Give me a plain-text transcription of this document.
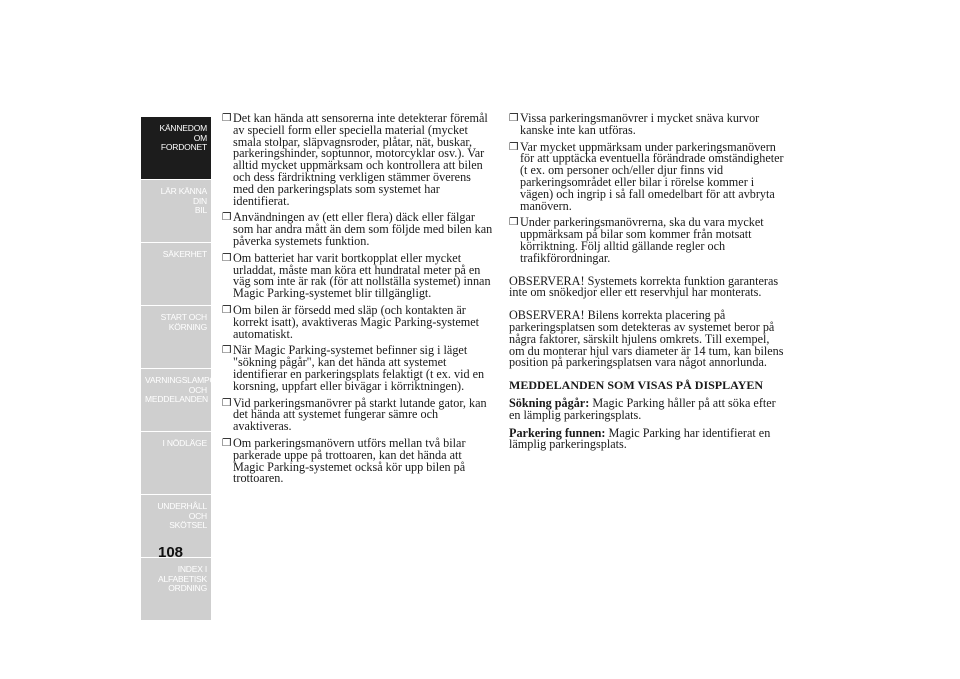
KÄNNEDOM OM
FORDONET
LÄR KÄNNA DIN
BIL
SÄKERHET
START OCH
KÖRNING
VARNINGSLAMPOR
OCH
MEDDELANDEN
I NÖDLÄGE
UNDERHÅLL OCH
SKÖTSEL
INDEX I
ALFABETISK
ORDNING
108
❒ Det kan hända att sensorerna inte detekterar föremål av speciell form eller speciella material (mycket smala stolpar, släpvagnsroder, plåtar, nät, buskar, parkeringshinder, soptunnor, motorcyklar osv.). Var alltid mycket uppmärksam och kontrollera att bilen och dess färdriktning verkligen stämmer överens med den parkeringsplats som systemet har identifierat.
❒ Användningen av (ett eller flera) däck eller fälgar som har andra mått än dem som följde med bilen kan påverka systemets funktion.
❒ Om batteriet har varit bortkopplat eller mycket urladdat, måste man köra ett hundratal meter på en väg som inte är rak (för att nollställa systemet) innan Magic Parking-systemet blir tillgängligt.
❒ Om bilen är försedd med släp (och kontakten är korrekt isatt), avaktiveras Magic Parking-systemet automatiskt.
❒ När Magic Parking-systemet befinner sig i läget "sökning pågår", kan det hända att systemet identifierar en parkeringsplats felaktigt (t ex. vid en korsning, uppfart eller bivägar i körriktningen).
❒ Vid parkeringsmanövrer på starkt lutande gator, kan det hända att systemet fungerar sämre och avaktiveras.
❒ Om parkeringsmanövern utförs mellan två bilar parkerade uppe på trottoaren, kan det hända att Magic Parking-systemet också kör upp bilen på trottoaren.
❒ Vissa parkeringsmanövrer i mycket snäva kurvor kanske inte kan utföras.
❒ Var mycket uppmärksam under parkeringsmanövern för att upptäcka eventuella förändrade omständigheter (t ex. om personer och/eller djur finns vid parkeringsområdet eller bilar i rörelse kommer i vägen) och ingrip i så fall omedelbart för att avbryta manövern.
❒ Under parkeringsmanövrerna, ska du vara mycket uppmärksam på bilar som kommer från motsatt körriktning. Följ alltid gällande regler och trafikförordningar.

OBSERVERA! Systemets korrekta funktion garanteras inte om snökedjor eller ett reservhjul har monterats.

OBSERVERA! Bilens korrekta placering på parkeringsplatsen som detekteras av systemet beror på några faktorer, särskilt hjulens omkrets. Till exempel, om du monterar hjul vars diameter är 14 tum, kan bilens position på parkeringsplatsen vara något annorlunda.

MEDDELANDEN SOM VISAS PÅ DISPLAYEN

Sökning pågår: Magic Parking håller på att söka efter en lämplig parkeringsplats.

Parkering funnen: Magic Parking har identifierat en lämplig parkeringsplats.
